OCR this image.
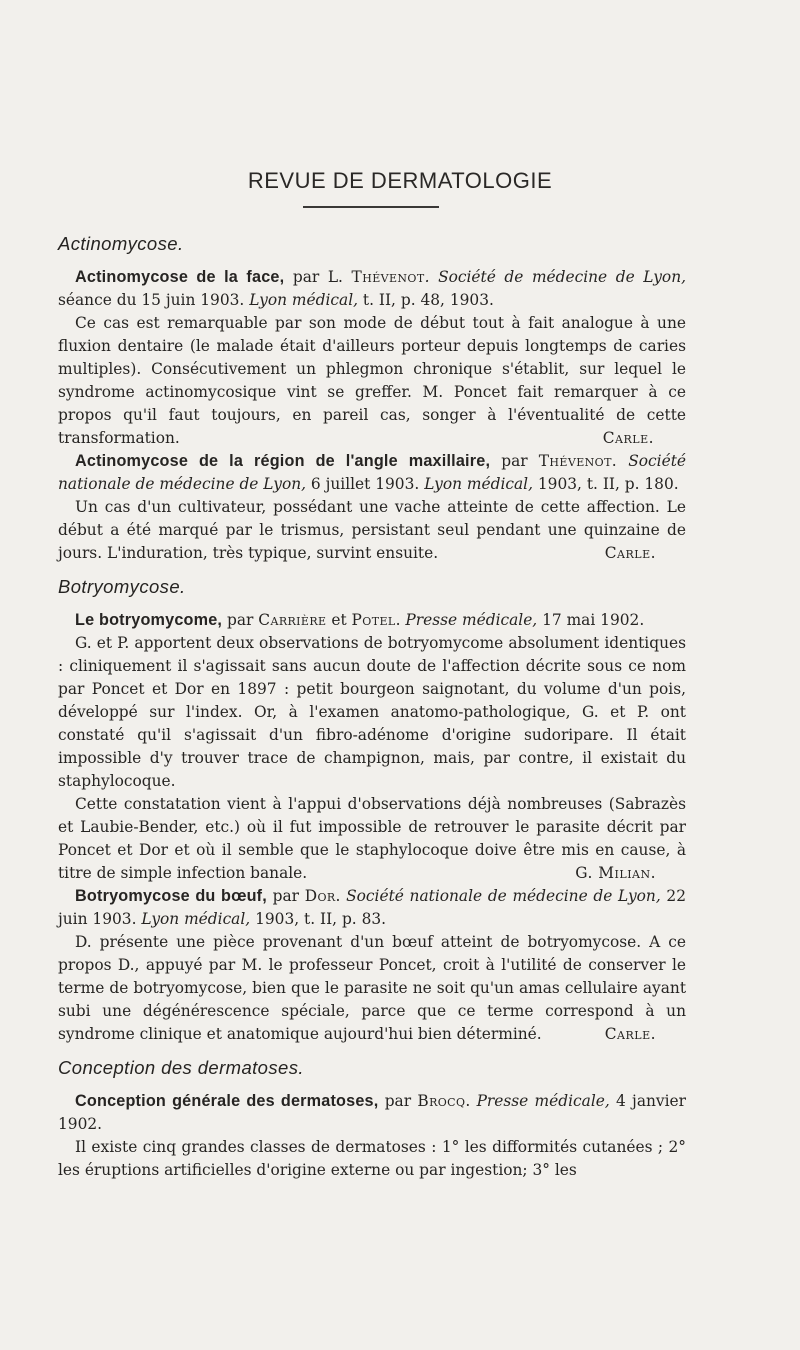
REVUE DE DERMATOLOGIE
Actinomycose.

Actinomycose de la face, par L. Thévenot. Société de médecine de Lyon, séance du 15 juin 1903. Lyon médical, t. II, p. 48, 1903.

Ce cas est remarquable par son mode de début tout à fait analogue à une fluxion dentaire (le malade était d'ailleurs porteur depuis longtemps de caries multiples). Consécutivement un phlegmon chronique s'établit, sur lequel le syndrome actinomycosique vint se greffer. M. Poncet fait remarquer à ce propos qu'il faut toujours, en pareil cas, songer à l'éventualité de cette transformation.	Carle.

Actinomycose de la région de l'angle maxillaire, par Thévenot. Société nationale de médecine de Lyon, 6 juillet 1903. Lyon médical, 1903, t. II, p. 180.

Un cas d'un cultivateur, possédant une vache atteinte de cette affection. Le début a été marqué par le trismus, persistant seul pendant une quinzaine de jours. L'induration, très typique, survint ensuite.	Carle.

Botryomycose.

Le botryomycome, par Carrière et Potel. Presse médicale, 17 mai 1902.

G. et P. apportent deux observations de botryomycome absolument identiques : cliniquement il s'agissait sans aucun doute de l'affection décrite sous ce nom par Poncet et Dor en 1897 : petit bourgeon saignotant, du volume d'un pois, développé sur l'index. Or, à l'examen anatomo-pathologique, G. et P. ont constaté qu'il s'agissait d'un fibro-adénome d'origine sudoripare. Il était impossible d'y trouver trace de champignon, mais, par contre, il existait du staphylocoque.

Cette constatation vient à l'appui d'observations déjà nombreuses (Sabrazès et Laubie-Bender, etc.) où il fut impossible de retrouver le parasite décrit par Poncet et Dor et où il semble que le staphylocoque doive être mis en cause, à titre de simple infection banale.	G. Milian.

Botryomycose du bœuf, par Dor. Société nationale de médecine de Lyon, 22 juin 1903. Lyon médical, 1903, t. II, p. 83.

D. présente une pièce provenant d'un bœuf atteint de botryomycose. A ce propos D., appuyé par M. le professeur Poncet, croit à l'utilité de conserver le terme de botryomycose, bien que le parasite ne soit qu'un amas cellulaire ayant subi une dégénérescence spéciale, parce que ce terme correspond à un syndrome clinique et anatomique aujourd'hui bien déterminé.	Carle.

Conception des dermatoses.

Conception générale des dermatoses, par Brocq. Presse médicale, 4 janvier 1902.

Il existe cinq grandes classes de dermatoses : 1° les difformités cutanées ; 2° les éruptions artificielles d'origine externe ou par ingestion; 3° les
